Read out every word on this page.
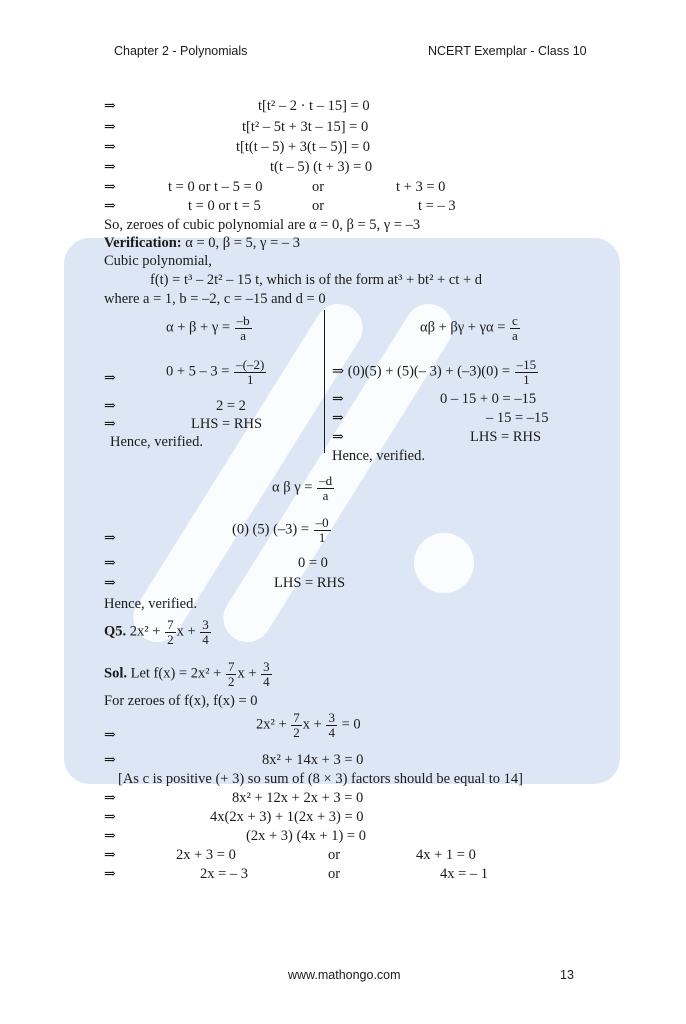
Chapter 2 - Polynomials	NCERT Exemplar - Class 10
⇒	t[t² – 2 · t – 15] = 0
⇒	t[t² – 5t + 3t – 15] = 0
⇒	t[t(t – 5) + 3(t – 5)] = 0
⇒	t(t – 5) (t + 3) = 0
⇒	t = 0 or t – 5 = 0	or	t + 3 = 0
⇒	t = 0 or t = 5	or	t = – 3
So, zeroes of cubic polynomial are α = 0, β = 5, γ = –3
Verification: α = 0, β = 5, γ = – 3
Cubic polynomial,
f(t) = t³ – 2t² – 15 t, which is of the form at³ + bt² + ct + d
where a = 1, b = –2, c = –15 and d = 0
$\alpha + \beta + \gamma = \frac{-b}{a}$
⇒	$0 + 5 - 3 = \frac{-(-2)}{1}$
⇒	2 = 2
⇒	LHS = RHS
Hence, verified.
$\alpha\beta + \beta\gamma + \gamma\alpha = \frac{c}{a}$
⇒ (0)(5) + (5)(– $3) + (-3)(0) = \frac{-15}{1}$
⇒	0 – 15 + 0 = –15
⇒	– 15 = –15
⇒	LHS = RHS
Hence, verified.
α β $\gamma = \frac{-d}{a}$
⇒
(0) (5) $(-3) = \frac{-0}{1}$
⇒	0 = 0
⇒	LHS = RHS
Hence, verified.
Q5. $2x^2 + \frac{7}{2}$ $x + \frac{3}{4}$
Sol. Let $f(x) = 2x^2 + \frac{7}{2}$ $x + \frac{3}{4}$
For zeroes of f(x), f(x) = 0
⇒
$2x^2 + \frac{7}{2}$ $x + \frac{3}{4} = 0$
⇒	8x² + 14x + 3 = 0
[As c is positive (+ 3) so sum of (8 × 3) factors should be equal to 14]
⇒	8x² + 12x + 2x + 3 = 0
⇒	4x(2x + 3) + 1(2x + 3) = 0
⇒	(2x + 3) (4x + 1) = 0
⇒	2x + 3 = 0	or	4x + 1 = 0
⇒	2x = – 3	or	4x = – 1
www.mathongo.com	13
